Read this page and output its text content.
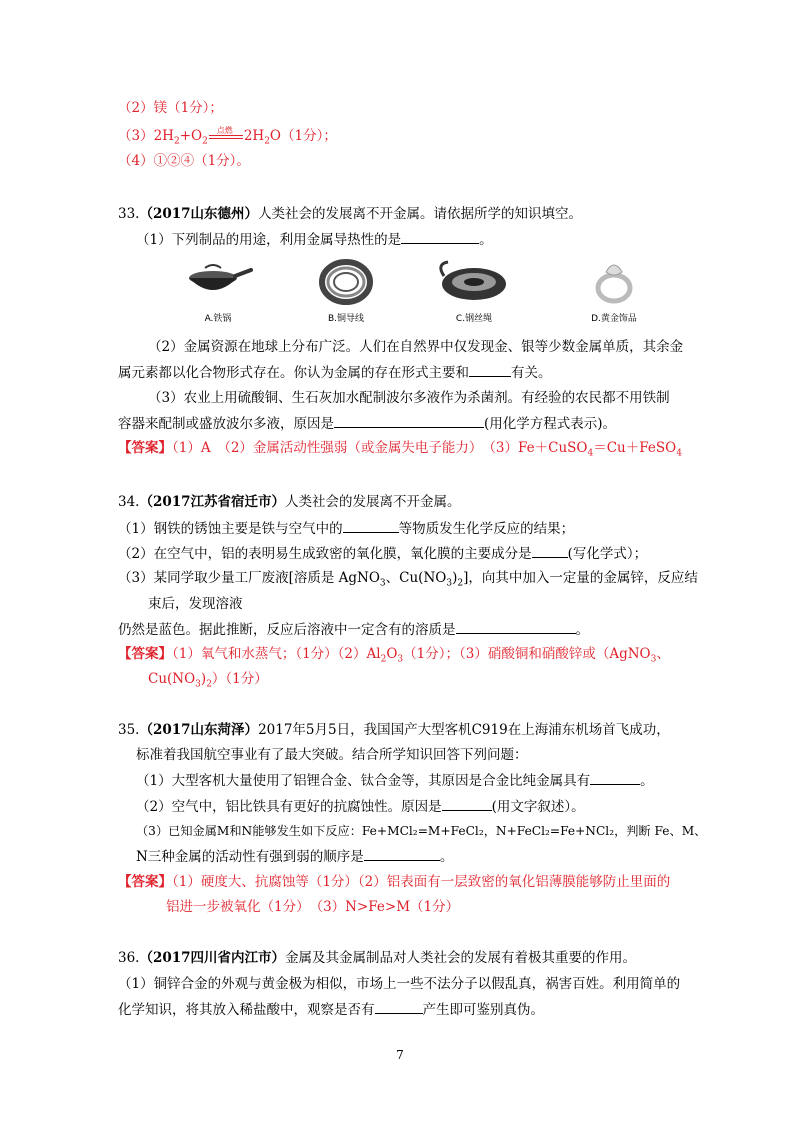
（2）镁（1分）；
$(3)2H_2+O_2$
点燃 $2H_2O(1$分）；
（4）①②④（1分）。
33.（2017山东德州）人类社会的发展离不开金属。请依据所学的知识填空。
（1）下列制品的用途，利用金属导热性的是	。
A.铁锅	B.铜导线	C.钢丝绳	D.黄金饰品
（2）金属资源在地球上分布广泛。人们在自然界中仅发现金、银等少数金属单质，其余金
属元素都以化合物形式存在。你认为金属的存在形式主要和	有关。
（3）农业上用硫酸铜、生石灰加水配制波尔多液作为杀菌剂。有经验的农民都不用铁制
容器来配制或盛放波尔多液，原因是	(用化学方程式表示)。
【答案】（1）A　（2）金属活动性强弱（或金属失电子能力）　（3）Fe＋CuSO$_4$＝Cu＋FeSO$_4$
34.（2017江苏省宿迁市）人类社会的发展离不开金属。
（1）钢铁的锈蚀主要是铁与空气中的	等物质发生化学反应的结果；
（2）在空气中，铝的表明易生成致密的氧化膜，氧化膜的主要成分是	(写化学式）；
（3）某同学取少量工厂废液[溶质是 AgNO$_3$、$Cu(NO_3)_2$]，向其中加入一定量的金属锌，反应结
束后，发现溶液
仍然是蓝色。据此推断，反应后溶液中一定含有的溶质是	。
【答案】（1）氧气和水蒸气；（1分）$(2)Al_2O_3(1$分）；（3）硝酸铜和硝酸锌或（AgNO$_3$、
$Cu(NO_3)_2)(1$分）
35.（2017山东菏泽）2017年5月5日，我国国产大型客机C919在上海浦东机场首飞成功，
标准着我国航空事业有了最大突破。结合所学知识回答下列问题：
（1）大型客机大量使用了铝锂合金、钛合金等，其原因是合金比纯金属具有	。
（2）空气中，铝比铁具有更好的抗腐蚀性。原因是	(用文字叙述）。
（3）已知金属M和N能够发生如下反应：Fe+MCl₂=M+FeCl₂，N+FeCl₂=Fe+NCl₂，判断 Fe、M、
N三种金属的活动性有强到弱的顺序是	。
【答案】（1）硬度大、抗腐蚀等（1分）（2）铝表面有一层致密的氧化铝薄膜能够防止里面的
铝进一步被氧化（1分）　（3）N>Fe>M（1分）
36.（2017四川省内江市）金属及其金属制品对人类社会的发展有着极其重要的作用。
（1）铜锌合金的外观与黄金极为相似，市场上一些不法分子以假乱真，祸害百姓。利用简单的
化学知识，将其放入稀盐酸中，观察是否有	产生即可鉴别真伪。
7
